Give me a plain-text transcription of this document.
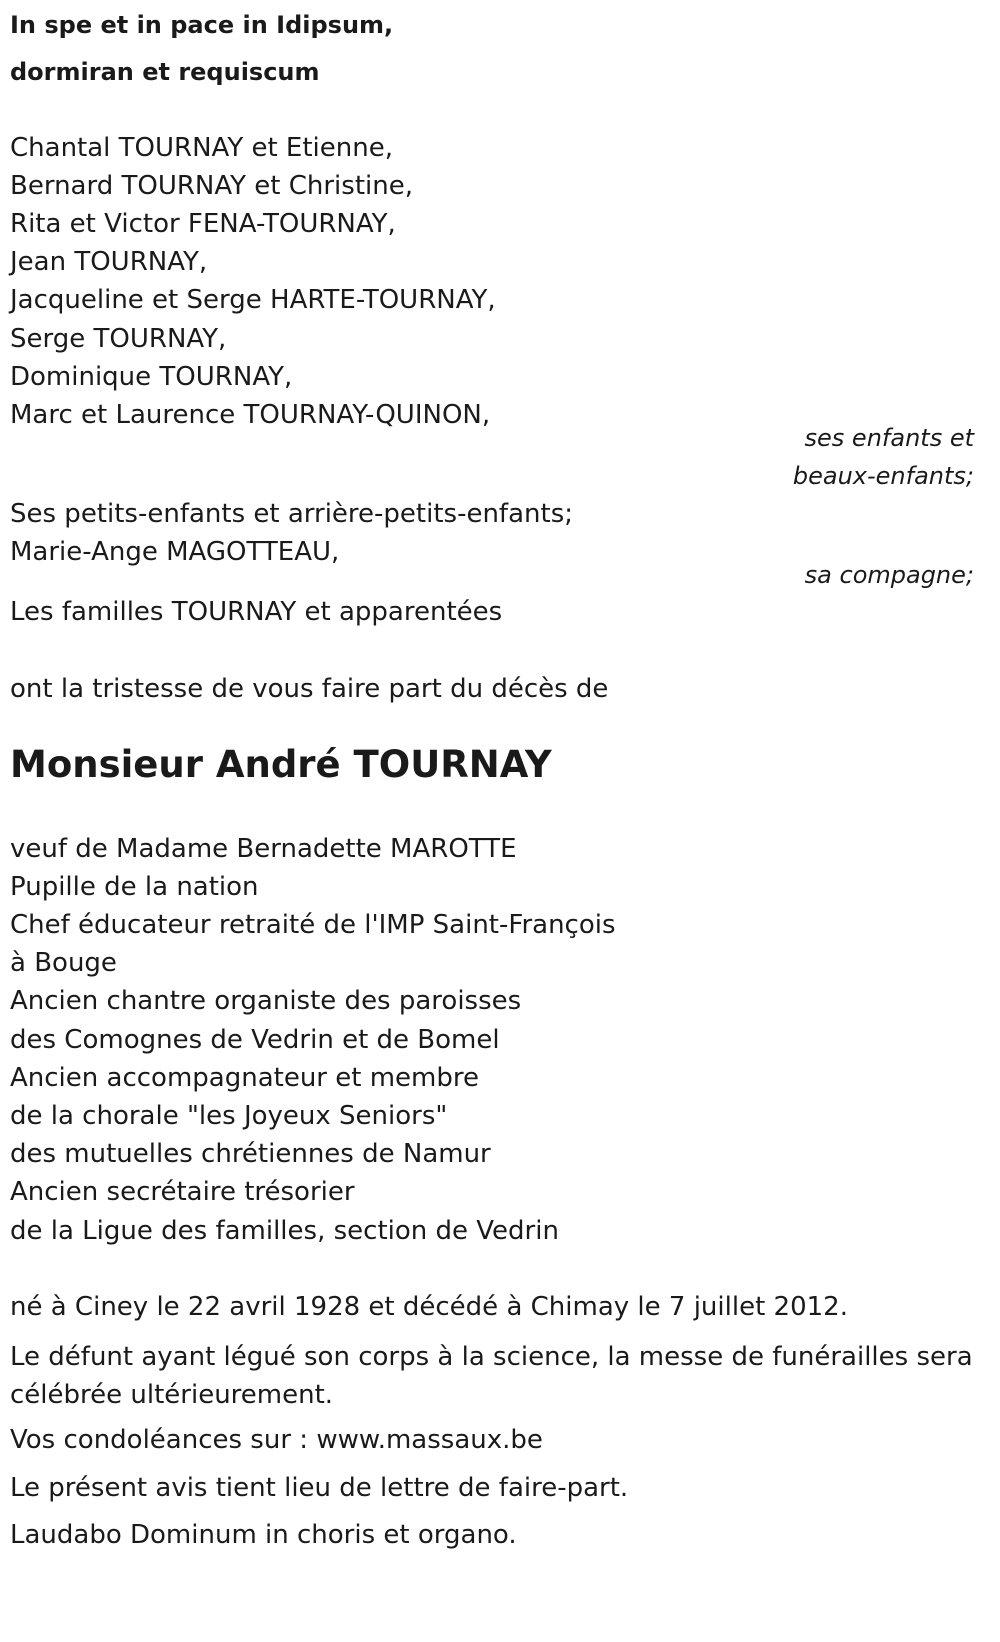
In spe et in pace in Idipsum,

dormiran et requiscum

Chantal TOURNAY et Etienne,

Bernard TOURNAY et Christine,

Rita et Victor FENA-TOURNAY,

Jean TOURNAY,

Jacqueline et Serge HARTE-TOURNAY,

Serge TOURNAY,

Dominique TOURNAY,

Marc et Laurence TOURNAY-QUINON,

ses enfants et

beaux-enfants;

Ses petits-enfants et arrière-petits-enfants;

Marie-Ange MAGOTTEAU,

sa compagne;

Les familles TOURNAY et apparentées

ont la tristesse de vous faire part du décès de

Monsieur André TOURNAY

veuf de Madame Bernadette MAROTTE

Pupille de la nation

Chef éducateur retraité de l'IMP Saint-François

à Bouge

Ancien chantre organiste des paroisses

des Comognes de Vedrin et de Bomel

Ancien accompagnateur et membre

de la chorale "les Joyeux Seniors"

des mutuelles chrétiennes de Namur

Ancien secrétaire trésorier

de la Ligue des familles, section de Vedrin

né à Ciney le 22 avril 1928 et décédé à Chimay le 7 juillet 2012.

Le défunt ayant légué son corps à la science, la messe de funérailles sera célébrée ultérieurement.

Vos condoléances sur : www.massaux.be

Le présent avis tient lieu de lettre de faire-part.

Laudabo Dominum in choris et organo.
